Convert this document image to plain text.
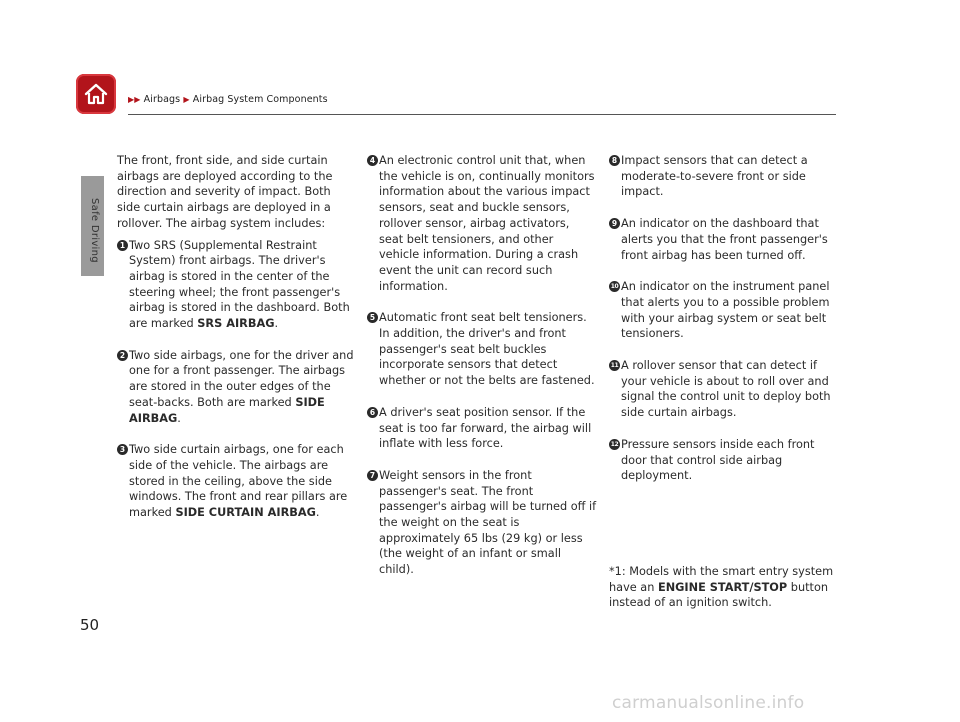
▶▶ Airbags ▶ Airbag System Components
Safe Driving

The front, front side, and side curtain airbags are deployed according to the direction and severity of impact. Both side curtain airbags are deployed in a rollover. The airbag system includes:

1 Two SRS (Supplemental Restraint System) front airbags. The driver's airbag is stored in the center of the steering wheel; the front passenger's airbag is stored in the dashboard. Both are marked SRS AIRBAG.
2 Two side airbags, one for the driver and one for a front passenger. The airbags are stored in the outer edges of the seat-backs. Both are marked SIDE AIRBAG.
3 Two side curtain airbags, one for each side of the vehicle. The airbags are stored in the ceiling, above the side windows. The front and rear pillars are marked SIDE CURTAIN AIRBAG.
4 An electronic control unit that, when the vehicle is on, continually monitors information about the various impact sensors, seat and buckle sensors, rollover sensor, airbag activators, seat belt tensioners, and other vehicle information. During a crash event the unit can record such information.
5 Automatic front seat belt tensioners. In addition, the driver's and front passenger's seat belt buckles incorporate sensors that detect whether or not the belts are fastened.
6 A driver's seat position sensor. If the seat is too far forward, the airbag will inflate with less force.
7 Weight sensors in the front passenger's seat. The front passenger's airbag will be turned off if the weight on the seat is approximately 65 lbs (29 kg) or less (the weight of an infant or small child).
8 Impact sensors that can detect a moderate-to-severe front or side impact.
9 An indicator on the dashboard that alerts you that the front passenger's front airbag has been turned off.
10 An indicator on the instrument panel that alerts you to a possible problem with your airbag system or seat belt tensioners.
11 A rollover sensor that can detect if your vehicle is about to roll over and signal the control unit to deploy both side curtain airbags.
12 Pressure sensors inside each front door that control side airbag deployment.
*1: Models with the smart entry system have an ENGINE START/STOP button instead of an ignition switch.
50
carmanualsonline.info
